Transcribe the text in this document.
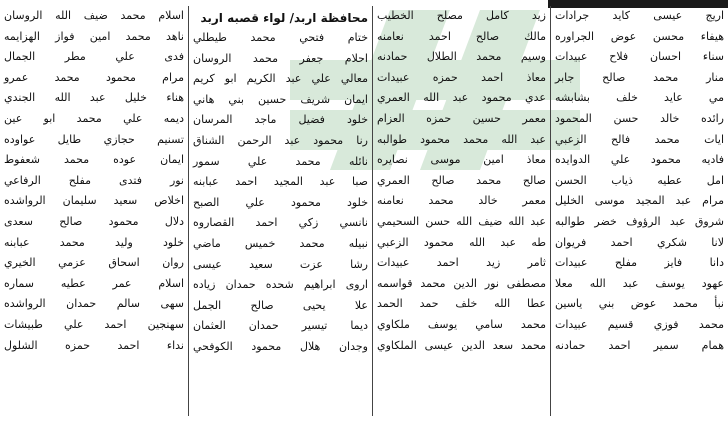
اريج عيسى كايد جرادات
هيفاء محسن عوض الجراوره
سناء احسان فلاح عبيدات
منار محمد صالح جابر
مي عايد خلف بشابشه
رائده خالد حسن المحمود
ايات محمد فالح الزعبي
فاديه محمود علي الدوايده
امل عطيه ذياب الحسن
مرام عبد المجيد موسى الخليل
شروق عبد الرؤوف خضر طوالبه
لانا شكري احمد فريوان
دانا فايز مفلح عبيدات
عهود يوسف عبد الله معلا
نبأ محمد عوض بني ياسين
محمد فوزي قسيم عبيدات
همام سمير احمد حمادنه
زيد كامل مصلح الخطيب
مالك صالح احمد نعامنه
وسيم محمد الطلال حمادنه
معاذ احمد حمزه عبيدات
عدي محمود عبد الله العمري
معمر حسين حمزه العزام
عبد الله محمد محمود طوالبه
معاذ امين موسى نصايره
صالح محمد صالح العمري
معمر خالد محمد نعامنه
عبد الله ضيف الله حسن السحيمي
طه عبد الله محمود الزعبي
ثامر زيد احمد عبيدات
مصطفى نور الدين محمد قواسمه
عطا الله خلف حمد الحمد
محمد سامي يوسف ملكاوي
محمد سعد الدين عيسى الملكاوي
محافظة اربد/ لواء قصبه اربد
ختام فتحي محمد طيطلي
احلام جعفر محمد الروسان
معالي علي عبد الكريم ابو كريم
ايمان شريف حسين بني هاني
خلود فضيل ماجد المرسان
رنا محمود عبد الرحمن الشناق
نائله محمد علي سمور
صبا عبد المجيد احمد عبابنه
خلود محمود علي الصبح
نانسي زكي احمد القصاروه
نبيله محمد خميس ماضي
رشا عزت سعيد عيسى
اروى ابراهيم شحده حمدان زياده
علا يحيى صالح الجمل
ديما تيسير حمدان العثمان
وجدان هلال محمود الكوفحي
اسلام محمد ضيف الله الروسان
ناهد محمد امين فواز الهزايمه
فدى علي مطر الجمال
مرام محمود محمد عمرو
هناء خليل عبد الله الجندي
ديمه علي محمد ابو عين
تسنيم حجازي طايل عواوده
ايمان عوده محمد شعفوط
نور فتدى مفلح الرفاعي
اخلاص سعيد سليمان الرواشده
دلال محمود صالح سعدى
خلود وليد محمد عبابنه
روان اسحاق عزمي الخيري
اسلام عمر عطيه سماره
سهى سالم حمدان الرواشده
سهنجين احمد علي طبيشات
نداء احمد حمزه الشلول
